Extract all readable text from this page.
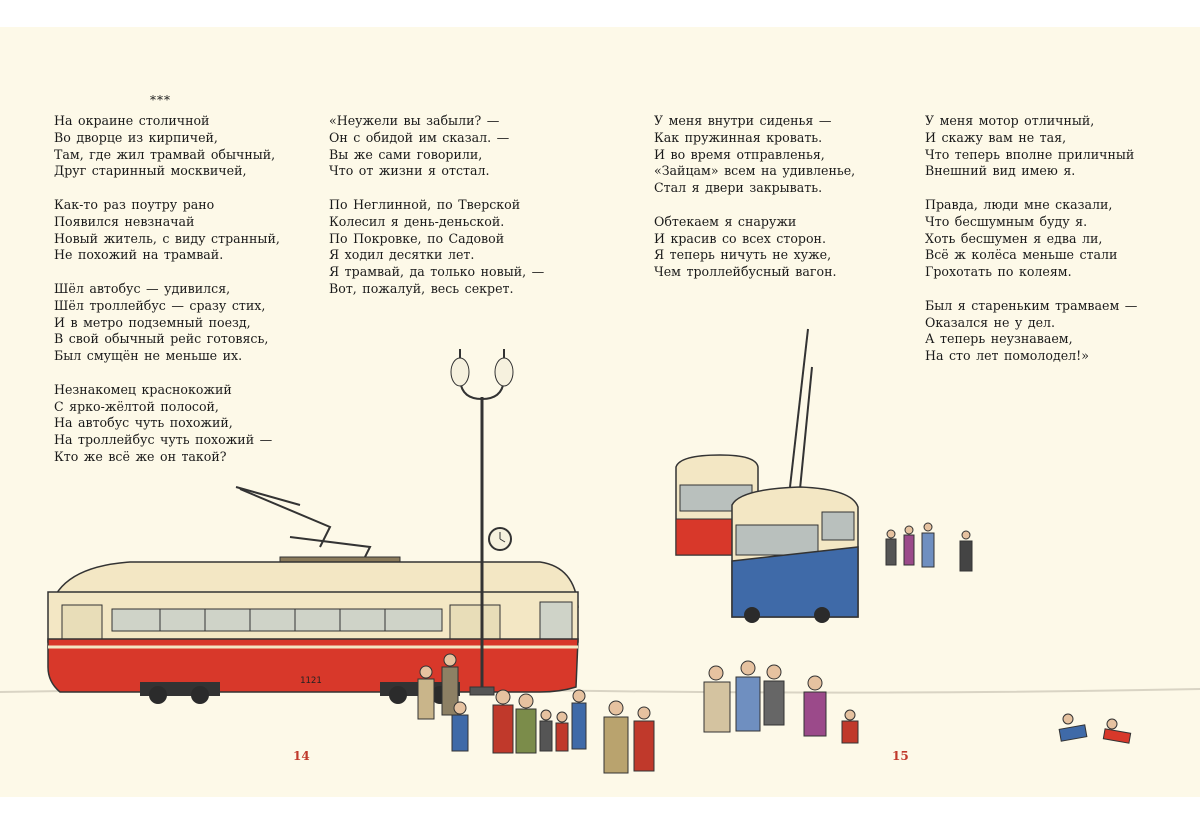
1121
***
На окраине столичной
Во дворце из кирпичей,
Там, где жил трамвай обычный,
Друг старинный москвичей,
Как-то раз поутру рано
Появился невзначай
Новый житель, с виду странный,
Не похожий на трамвай.
Шёл автобус — удивился,
Шёл троллейбус — сразу стих,
И в метро подземный поезд,
В свой обычный рейс готовясь,
Был смущён не меньше их.
Незнакомец краснокожий
С ярко-жёлтой полосой,
На автобус чуть похожий,
На троллейбус чуть похожий —
Кто же всё же он такой?
«Неужели вы забыли? —
Он с обидой им сказал. —
Вы же сами говорили,
Что от жизни я отстал.
По Неглинной, по Тверской
Колесил я день-деньской.
По Покровке, по Садовой
Я ходил десятки лет.
Я трамвай, да только новый, —
Вот, пожалуй, весь секрет.
У меня внутри сиденья —
Как пружинная кровать.
И во время отправленья,
«Зайцам» всем на удивленье,
Стал я двери закрывать.
Обтекаем я снаружи
И красив со всех сторон.
Я теперь ничуть не хуже,
Чем троллейбусный вагон.
У меня мотор отличный,
И скажу вам не тая,
Что теперь вполне приличный
Внешний вид имею я.
Правда, люди мне сказали,
Что бесшумным буду я.
Хоть бесшумен я едва ли,
Всё ж колёса меньше стали
Грохотать по колеям.
Был я стареньким трамваем —
Оказался не у дел.
А теперь неузнаваем,
На сто лет помолодел!»
14	15
